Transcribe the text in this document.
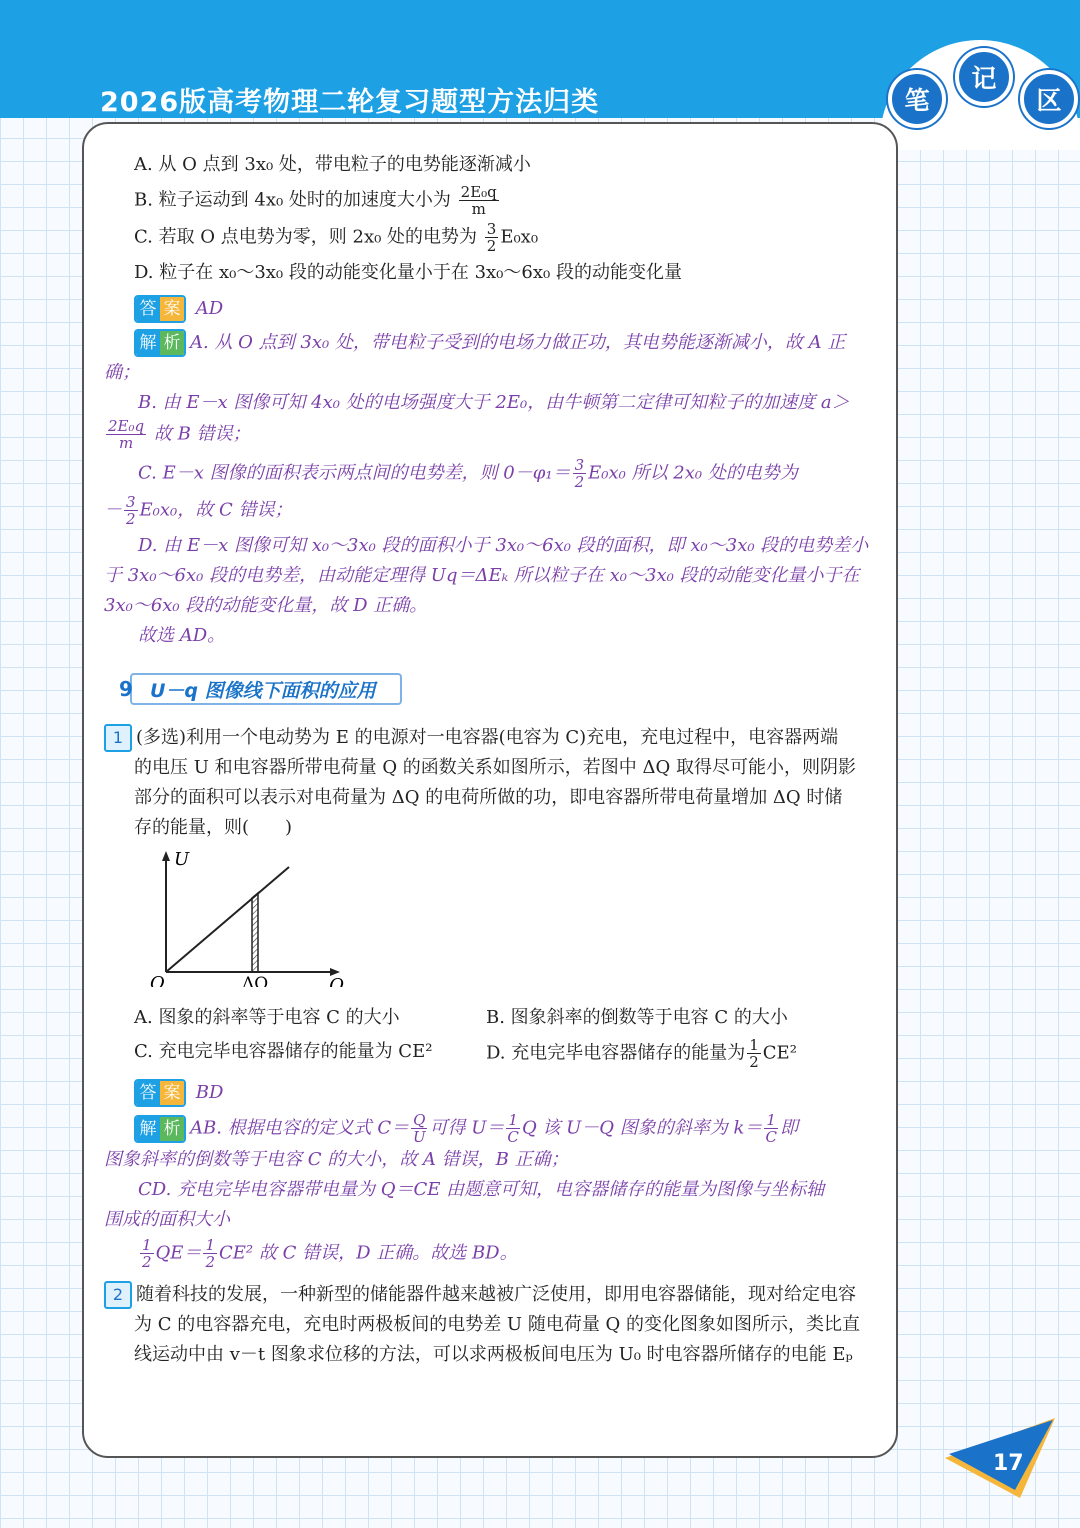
2026版高考物理二轮复习题型方法归类	笔
记
区

A. 从 O 点到 3x₀ 处，带电粒子的电势能逐渐减小

B. 粒子运动到 4x₀ 处时的加速度大小为 $\frac{\text{2E₀q}}{m}$

C. 若取 O 点电势为零，则 2x₀ 处的电势为 $\frac{3}{2} E_0x_0$

D. 粒子在 x₀～3x₀ 段的动能变化量小于在 3x₀～6x₀ 段的动能变化量

答 案 AD

解 析 A. 从 O 点到 3x₀ 处，带电粒子受到的电场力做正功，其电势能逐渐减小，故 A 正

确；

B. 由 E－x 图像可知 4x₀ 处的电场强度大于 2E₀，由牛顿第二定律可知粒子的加速度 a＞

$\frac{\text{2E₀q}}{m}$ 故 B 错误；

C. E－x 图像的面积表示两点间的电势差，则 $0-\varphi_1= \frac{3}{2} E_0x_0$ 所以 2x₀ 处的电势为

－ $\frac{3}{2} E_0x_0$，故 C 错误；

D. 由 E－x 图像可知 x₀～3x₀ 段的面积小于 3x₀～6x₀ 段的面积，即 x₀～3x₀ 段的电势差小

于 3x₀～6x₀ 段的电势差，由动能定理得 Uq＝ΔEₖ 所以粒子在 x₀～3x₀ 段的动能变化量小于在

3x₀～6x₀ 段的动能变化量，故 D 正确。

故选 AD。

U－q 图像线下面积的应用
9

1 (多选)利用一个电动势为 E 的电源对一电容器(电容为 C)充电，充电过程中，电容器两端

的电压 U 和电容器所带电荷量 Q 的函数关系如图所示，若图中 ΔQ 取得尽可能小，则阴影

部分的面积可以表示对电荷量为 ΔQ 的电荷所做的功，即电容器所带电荷量增加 ΔQ 时储

存的能量，则(　　)

U
Q
O	ΔQ
A. 图象的斜率等于电容 C 的大小	B. 图象斜率的倒数等于电容 C 的大小
C. 充电完毕电容器储存的能量为 CE²	D. 充电完毕电容器储存的能量为 $\frac{1}{2} CE^2$

答 案 BD

解 析 AB. 根据电容的定义式 $C= \frac{Q}{U}$ 可得 $U= \frac{1}{C}$ Q 该 U－Q 图象的斜率为 $k= \frac{1}{C}$ 即

图象斜率的倒数等于电容 C 的大小，故 A 错误，B 正确；

CD. 充电完毕电容器带电量为 Q＝CE 由题意可知，电容器储存的能量为图像与坐标轴

围成的面积大小

$\frac{1}{2} QE= \frac{1}{2} CE^2$ 故 C 错误，D 正确。故选 BD。

2 随着科技的发展，一种新型的储能器件越来越被广泛使用，即用电容器储能，现对给定电容

为 C 的电容器充电，充电时两极板间的电势差 U 随电荷量 Q 的变化图象如图所示，类比直

线运动中由 v－t 图象求位移的方法，可以求两极板间电压为 U₀ 时电容器所储存的电能 Eₚ

17
